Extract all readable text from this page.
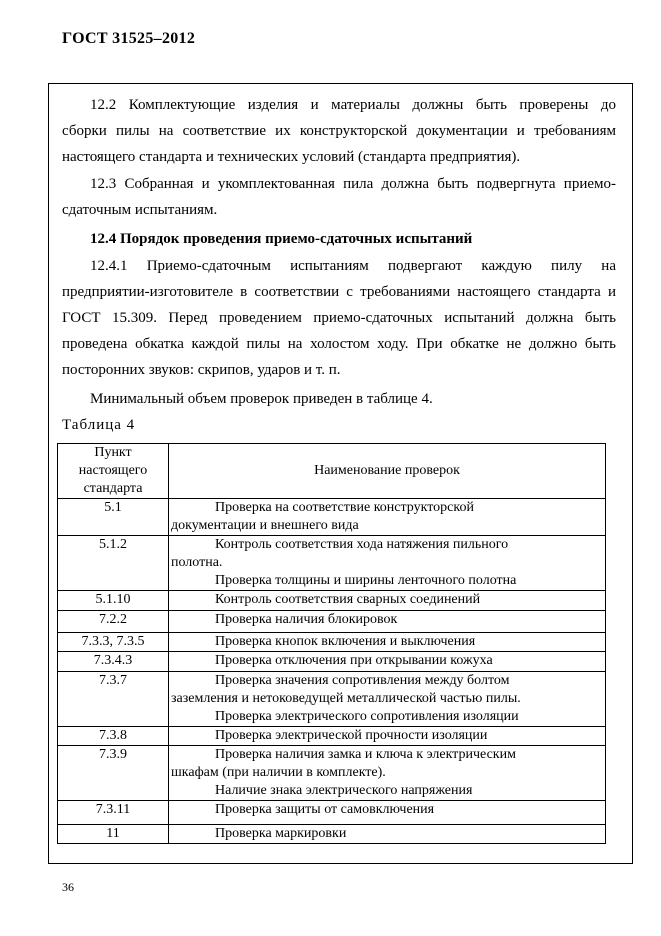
ГОСТ 31525–2012
12.2 Комплектующие изделия и материалы должны быть проверены до
сборки пилы на соответствие их конструкторской документации и требованиям
настоящего стандарта и технических условий (стандарта предприятия).
12.3 Собранная и укомплектованная пила должна быть подвергнута приемо-
сдаточным испытаниям.
12.4 Порядок проведения приемо-сдаточных испытаний
12.4.1 Приемо-сдаточным испытаниям подвергают каждую пилу на
предприятии-изготовителе в соответствии с требованиями настоящего стандарта и
ГОСТ 15.309. Перед проведением приемо-сдаточных испытаний должна быть
проведена обкатка каждой пилы на холостом ходу. При обкатке не должно быть
посторонних звуков: скрипов, ударов и т. п.
Минимальный объем проверок приведен в таблице 4.
Таблица 4
Пункт настоящего стандарта	Наименование проверок
5.1	Проверка на соответствие конструкторской
документации и внешнего вида

5.1.2	Контроль соответствия хода натяжения пильного
полотна.
Проверка толщины и ширины ленточного полотна

5.1.10	Контроль соответствия сварных соединений

7.2.2	Проверка наличия блокировок

7.3.3, 7.3.5	Проверка кнопок включения и выключения

7.3.4.3	Проверка отключения при открывании кожуха

7.3.7	Проверка значения сопротивления между болтом
заземления и нетоковедущей металлической частью пилы.
Проверка электрического сопротивления изоляции

7.3.8	Проверка электрической прочности изоляции

7.3.9	Проверка наличия замка и ключа к электрическим
шкафам (при наличии в комплекте).
Наличие знака электрического напряжения

7.3.11	Проверка защиты от самовключения

11	Проверка маркировки
36
